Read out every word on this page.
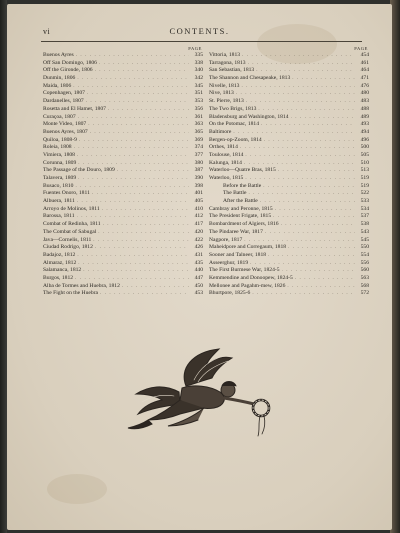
vi	CONTENTS.
PAGE
Buenos Ayres . . .	335
Off San Domingo, 1806 . . .	338
Off the Gironde, 1806 . . .	340
Dunmin, 1806 . . .	342
Maida, 1806 . . .	345
Copenhagen, 1807 . . .	351
Dardanelles, 1807 . . .	353
Rosetta and El Hamet, 1807 . . .	356
Curaçoa, 1807 . . .	361
Monte Video, 1807 . . .	363
Buenos Ayres, 1807 . . .	365
Quiloa, 1808-9 . . .	369
Roleia, 1808 . . .	374
Vimiera, 1808 . . .	377
Corunna, 1809 . . .	380
The Passage of the Douro, 1809 . . .	387
Talavera, 1809 . . .	390
Busaco, 1810 . . .	398
Fuentes Onoro, 1811 . . .	401
Albuera, 1811 . . .	405
Arroyo de Molinos, 1811 . . .	410
Barossa, 1811 . . .	412
Combat of Redinha, 1811 . . .	417
The Combat of Sabugal . . .	420
Java—Cornelis, 1811 . . .	422
Ciudad Rodrigo, 1812 . . .	426
Badajoz, 1812 . . .	431
Almaraz, 1812 . . .	435
Salamanca, 1812 . . .	440
Burgos, 1812 . . .	447
Alba de Tormes and Huebra, 1812 . . .	450
The Fight on the Huebra . . .	453
PAGE
Vittoria, 1813 . . .	454
Tarragona, 1813 . . .	461
San Sebastian, 1813 . . .	464
The Shannon and Chesapeake, 1813 . . .	471
Nivelle, 1813 . . .	476
Nive, 1813 . . .	480
St. Pierre, 1813 . . .	483
The Two Brigs, 1813 . . .	488
Bladensburg and Washington, 1814 . . .	489
On the Potomac, 1814 . . .	493
Baltimore . . .	494
Bergen-op-Zoom, 1814 . . .	496
Orthes, 1814 . . .	500
Toulouse, 1814 . . .	505
Kalunga, 1814 . . .	510
Waterloo—Quatre Bras, 1815 . . .	513
Waterloo, 1815 . . .	519
Before the Battle . . .	519
The Battle . . .	522
After the Battle . . .	533
Cambray and Peronne, 1815 . . .	534
The President Frigate, 1815 . . .	537
Bombardment of Algiers, 1816 . . .	538
The Pindaree War, 1817 . . .	543
Nagpore, 1817 . . .	545
Maheidpore and Corregaum, 1818 . . .	550
Sooner and Talneer, 1818 . . .	554
Asseerghur, 1819 . . .	556
The First Burmese War, 1824-5 . . .	560
Kemmendine and Donoopew, 1824-5 . . .	563
Mellonee and Pagahm-mew, 1826 . . .	568
Bhurtpore, 1825-6 . . .	572
